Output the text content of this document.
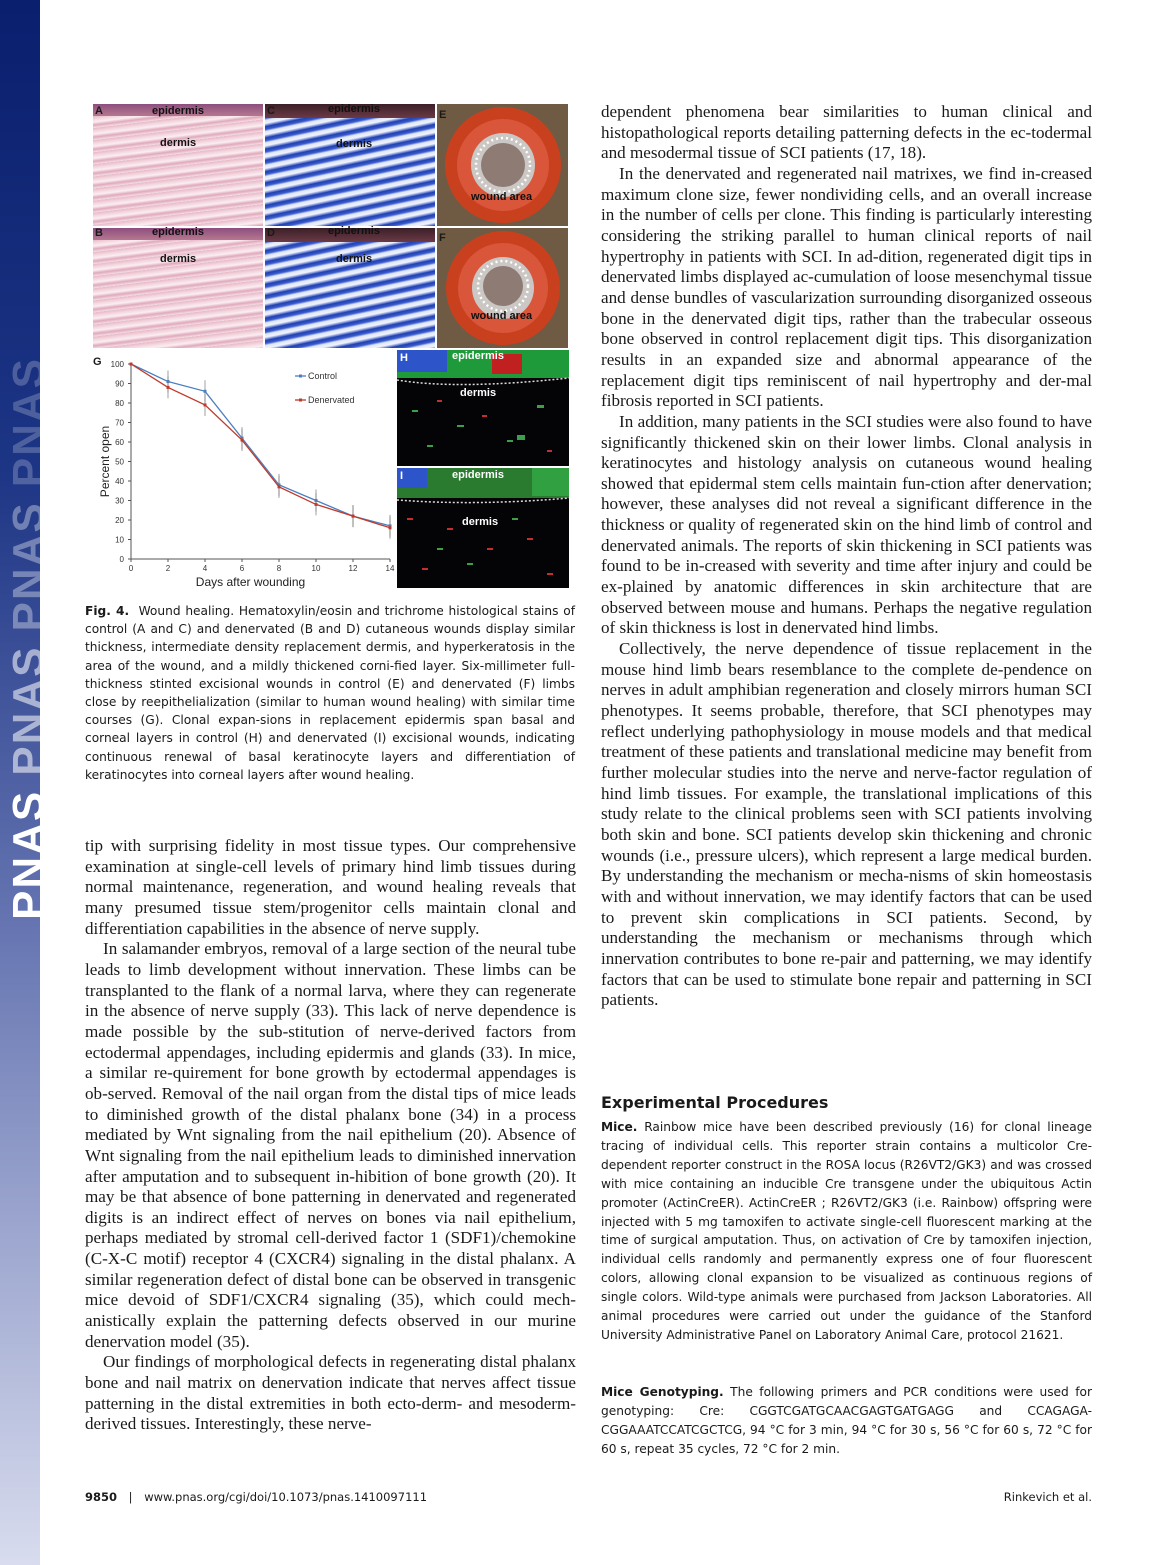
PNASPNASPNASPNAS
A	epidermis
dermis
B	epidermis
dermis
C	epidermis
dermis
D	epidermis
dermis
E
wound area
F
wound area
G
0
10
20
30
40
50
60
70
80
90
100
0	2	4	6	8	10	12	14
Days after wounding
Percent open
Control
Denervated
H	epidermis
dermis
I	epidermis
dermis
Fig. 4. Wound healing. Hematoxylin/eosin and trichrome histological stains of control (A and C) and denervated (B and D) cutaneous wounds display similar thickness, intermediate density replacement dermis, and hyperkeratosis in the area of the wound, and a mildly thickened corni-fied layer. Six-millimeter full-thickness stinted excisional wounds in control (E) and denervated (F) limbs close by reepithelialization (similar to human wound healing) with similar time courses (G). Clonal expan-sions in replacement epidermis span basal and corneal layers in control (H) and denervated (I) excisional wounds, indicating continuous renewal of basal keratinocyte layers and differentiation of keratinocytes into corneal layers after wound healing.

tip with surprising fidelity in most tissue types. Our comprehensive examination at single-cell levels of primary hind limb tissues during normal maintenance, regeneration, and wound healing reveals that many presumed tissue stem/progenitor cells maintain clonal and differentiation capabilities in the absence of nerve supply.

In salamander embryos, removal of a large section of the neural tube leads to limb development without innervation. These limbs can be transplanted to the flank of a normal larva, where they can regenerate in the absence of nerve supply (33). This lack of nerve dependence is made possible by the sub-stitution of nerve-derived factors from ectodermal appendages, including epidermis and glands (33). In mice, a similar re-quirement for bone growth by ectodermal appendages is ob-served. Removal of the nail organ from the distal tips of mice leads to diminished growth of the distal phalanx bone (34) in a process mediated by Wnt signaling from the nail epithelium (20). Absence of Wnt signaling from the nail epithelium leads to diminished innervation after amputation and to subsequent in-hibition of bone growth (20). It may be that absence of bone patterning in denervated and regenerated digits is an indirect effect of nerves on bones via nail epithelium, perhaps mediated by stromal cell-derived factor 1 (SDF1)/chemokine (C-X-C motif) receptor 4 (CXCR4) signaling in the distal phalanx. A similar regeneration defect of distal bone can be observed in transgenic mice devoid of SDF1/CXCR4 signaling (35), which could mech-anistically explain the patterning defects observed in our murine denervation model (35).

Our findings of morphological defects in regenerating distal phalanx bone and nail matrix on denervation indicate that nerves affect tissue patterning in the distal extremities in both ecto-derm- and mesoderm-derived tissues. Interestingly, these nerve-

dependent phenomena bear similarities to human clinical and histopathological reports detailing patterning defects in the ec-todermal and mesodermal tissue of SCI patients (17, 18).

In the denervated and regenerated nail matrixes, we find in-creased maximum clone size, fewer nondividing cells, and an overall increase in the number of cells per clone. This finding is particularly interesting considering the striking parallel to human clinical reports of nail hypertrophy in patients with SCI. In ad-dition, regenerated digit tips in denervated limbs displayed ac-cumulation of loose mesenchymal tissue and dense bundles of vascularization surrounding disorganized osseous bone in the denervated digit tips, rather than the trabecular osseous bone observed in control replacement digit tips. This disorganization results in an expanded size and abnormal appearance of the replacement digit tips reminiscent of nail hypertrophy and der-mal fibrosis reported in SCI patients.

In addition, many patients in the SCI studies were also found to have significantly thickened skin on their lower limbs. Clonal analysis in keratinocytes and histology analysis on cutaneous wound healing showed that epidermal stem cells maintain fun-ction after denervation; however, these analyses did not reveal a significant difference in the thickness or quality of regenerated skin on the hind limb of control and denervated animals. The reports of skin thickening in SCI patients was found to be in-creased with severity and time after injury and could be ex-plained by anatomic differences in skin architecture that are observed between mouse and humans. Perhaps the negative regulation of skin thickness is lost in denervated hind limbs.

Collectively, the nerve dependence of tissue replacement in the mouse hind limb bears resemblance to the complete de-pendence on nerves in adult amphibian regeneration and closely mirrors human SCI phenotypes. It seems probable, therefore, that SCI phenotypes may reflect underlying pathophysiology in mouse models and that medical treatment of these patients and translational medicine may benefit from further molecular studies into the nerve and nerve-factor regulation of hind limb tissues. For example, the translational implications of this study relate to the clinical problems seen with SCI patients involving both skin and bone. SCI patients develop skin thickening and chronic wounds (i.e., pressure ulcers), which represent a large medical burden. By understanding the mechanism or mecha-nisms of skin homeostasis with and without innervation, we may identify factors that can be used to prevent skin complications in SCI patients. Second, by understanding the mechanism or mechanisms through which innervation contributes to bone re-pair and patterning, we may identify factors that can be used to stimulate bone repair and patterning in SCI patients.

Experimental Procedures
Mice. Rainbow mice have been described previously (16) for clonal lineage tracing of individual cells. This reporter strain contains a multicolor Cre-dependent reporter construct in the ROSA locus (R26VT2/GK3) and was crossed with mice containing an inducible Cre transgene under the ubiquitous Actin promoter (ActinCreER). ActinCreER ; R26VT2/GK3 (i.e. Rainbow) offspring were injected with 5 mg tamoxifen to activate single-cell fluorescent marking at the time of surgical amputation. Thus, on activation of Cre by tamoxifen injection, individual cells randomly and permanently express one of four fluorescent colors, allowing clonal expansion to be visualized as continuous regions of single colors. Wild-type animals were purchased from Jackson Laboratories. All animal procedures were carried out under the guidance of the Stanford University Administrative Panel on Laboratory Animal Care, protocol 21621.
Mice Genotyping. The following primers and PCR conditions were used for genotyping: Cre: CGGTCGATGCAACGAGTGATGAGG and CCAGAGA-CGGAAATCCATCGCTCG, 94 °C for 3 min, 94 °C for 30 s, 56 °C for 60 s, 72 °C for 60 s, repeat 35 cycles, 72 °C for 2 min.
9850 | www.pnas.org/cgi/doi/10.1073/pnas.1410097111	Rinkevich et al.
